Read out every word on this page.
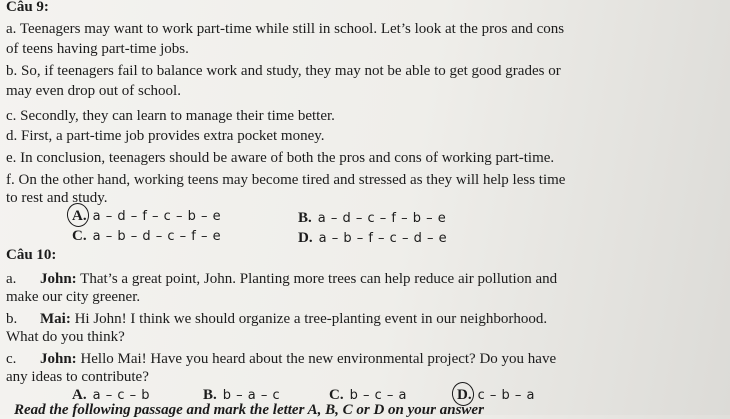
Câu 9:
a. Teenagers may want to work part-time while still in school. Let’s look at the pros and cons
of teens having part-time jobs.
b. So, if teenagers fail to balance work and study, they may not be able to get good grades or
may even drop out of school.
c. Secondly, they can learn to manage their time better.
d. First, a part-time job provides extra pocket money.
e. In conclusion, teenagers should be aware of both the pros and cons of working part-time.
f. On the other hand, working teens may become tired and stressed as they will help less time
to rest and study.
A. a – d – f – c – b – e	B. a – d – c – f – b – e
C. a – b – d – c – f – e	D. a – b – f – c – d – e
Câu 10:
a. John: That’s a great point, John. Planting more trees can help reduce air pollution and
make our city greener.
b. Mai: Hi John! I think we should organize a tree-planting event in our neighborhood.
What do you think?
c. John: Hello Mai! Have you heard about the new environmental project? Do you have
any ideas to contribute?
A. a – c – b	B. b – a – c	C. b – c – a	D. c – b – a
Read the following passage and mark the letter A, B, C or D on your answer
